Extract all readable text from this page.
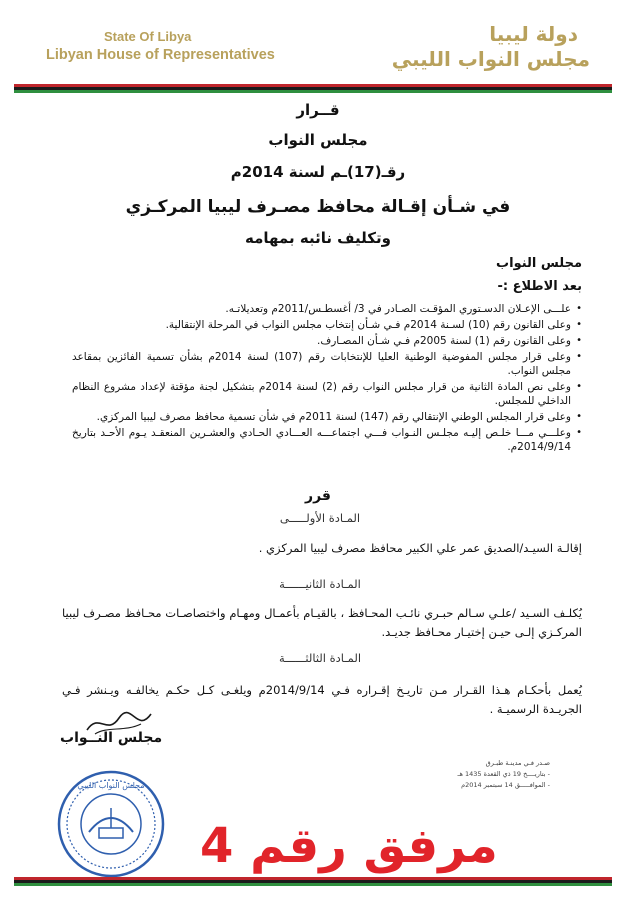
State Of Libya
Libyan House of Representatives
دولة ليبيا
مجلس النواب الليبي
قــرار
مجلس النواب
رقـ(17)ـم لسنة 2014م
في شـأن إقـالة محافظ مصـرف ليبيا المركـزي
وتكليف نائبه بمهامه
مجلس النواب
بعد الاطلاع :-
• علـــى الإعـلان الدسـتوري المؤقـت الصـادر في 3/ أغسطـس/2011م وتعديلاتـه.
• وعلى القانون رقم (10) لسـنة 2014م فـي شـأن إنتخاب مجلس النواب في المرحلة الإنتقالية.
• وعلى القانون رقم (1) لسنة 2005م فـي شـأن المصـارف.
• وعلى قرار مجلس المفوضية الوطنية العليا للإنتخابات رقم (107) لسنة 2014م بشأن تسمية الفائزين بمقاعد مجلس النواب.
• وعلى نص المادة الثانية من قرار مجلس النواب رقم (2) لسنة 2014م بتشكيل لجنة مؤقتة لإعداد مشروع النظام الداخلي للمجلس.
• وعلى قرار المجلس الوطني الإنتقالي رقم (147) لسنة 2011م في شأن تسمية محافظ مصرف ليبيا المركزي.
• وعلـــي مـــا خلـص إليـه مجلـس النـواب فـــي اجتماعـــه العـــادي الحـادي والعشـرين المنعقـد يـوم الأحـد بتاريخ 2014/9/14م.
قرر
المـادة الأولـــــى
إقالـة السيـد/الصديق عمر علي الكبير محافظ مصرف ليبيا المركزي .
المـادة الثانيــــــة
يُكلـف السـيد /علـي سـالم حبـري نائـب المحـافظ ، بالقيـام بأعمـال ومهـام واختصاصـات محـافظ مصـرف ليبيا المركـزي إلـى حيـن إختيـار محـافظ جديـد.
المـادة الثالثــــــة
يُعمل بأحكـام هـذا القـرار مـن تاريـخ إقـراره فـي 2014/9/14م ويلغـى كـل حكـم يخالفـه ويـنشر فـي الجريـدة الرسميـة .
مجلس النــواب
صـدر فـي مدينـة طبـرق
- بتاريــــخ 19 ذي القعدة 1435 هـ
- الموافـــــق 14 سبتمبر 2014م
مجلس النواب الليبي
مرفق رقم 4
